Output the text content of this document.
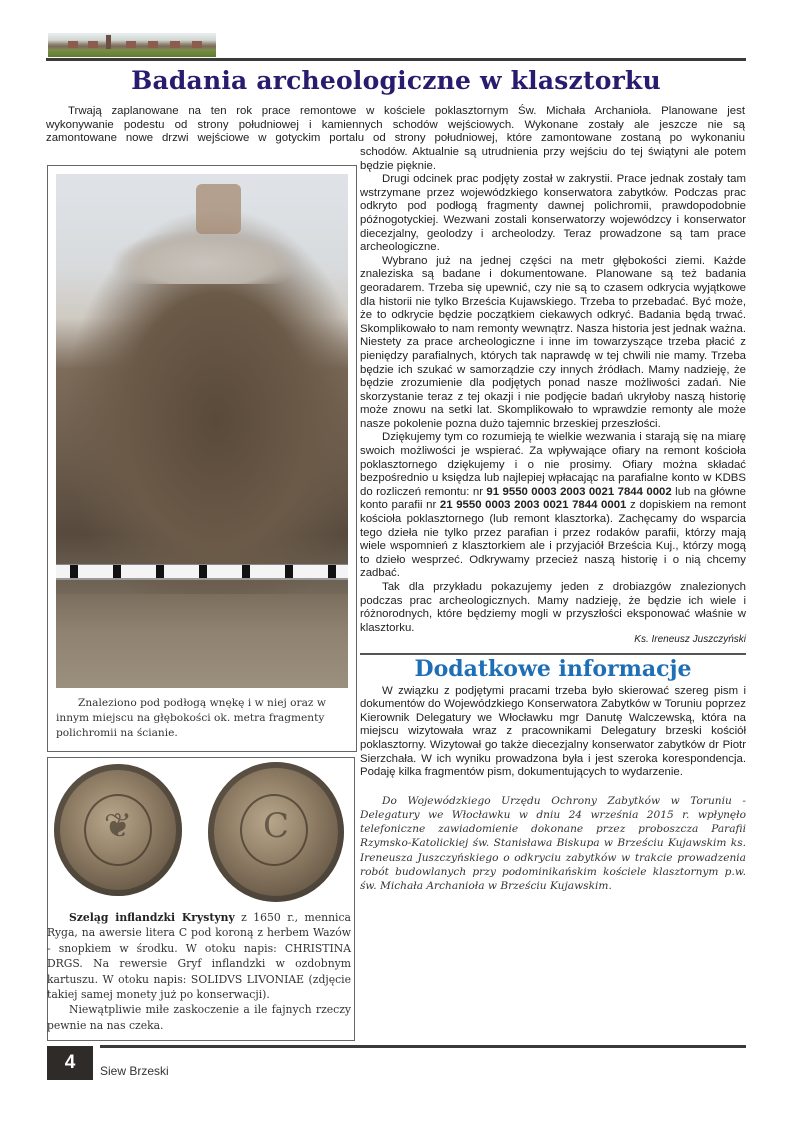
Badania archeologiczne w klasztorku
Trwają zaplanowane na ten rok prace remontowe w kościele poklasztornym Św. Michała Archanioła. Planowane jest
wykonywanie podestu od strony południowej i kamiennych schodów wejściowych. Wykonane zostały ale jeszcze nie są
zamontowane nowe drzwi wejściowe w gotyckim portalu od strony południowej, które zamontowane zostaną po wykonaniu
Znaleziono pod podłogą wnękę i w niej oraz w
innym miejscu na głębokości ok. metra fragmenty
polichromii na ścianie.

schodów. Aktualnie są utrudnienia przy wejściu do tej świątyni ale potem będzie pięknie.

Drugi odcinek prac podjęty został w zakrystii. Prace jednak zostały tam wstrzymane przez wojewódzkiego konserwatora zabytków. Podczas prac odkryto pod podłogą fragmenty dawnej polichromii, prawdopodobnie późnogotyckiej. Wezwani zostali konserwatorzy wojewódzcy i konserwator diecezjalny, geolodzy i archeolodzy. Teraz prowadzone są tam prace archeologiczne.

Wybrano już na jednej części na metr głębokości ziemi. Każde znaleziska są badane i dokumentowane. Planowane są też badania georadarem. Trzeba się upewnić, czy nie są to czasem odkrycia wyjątkowe dla historii nie tylko Brześcia Kujawskiego. Trzeba to przebadać. Być może, że to odkrycie będzie początkiem ciekawych odkryć. Badania będą trwać. Skomplikowało to nam remonty wewnątrz. Nasza historia jest jednak ważna. Niestety za prace archeologiczne i inne im towarzyszące trzeba płacić z pieniędzy parafialnych, których tak naprawdę w tej chwili nie mamy. Trzeba będzie ich szukać w samorządzie czy innych źródłach. Mamy nadzieję, że będzie zrozumienie dla podjętych ponad nasze możliwości zadań. Nie skorzystanie teraz z tej okazji i nie podjęcie badań ukryłoby naszą historię może znowu na setki lat. Skomplikowało to wprawdzie remonty ale może nasze pokolenie pozna dużo tajemnic brzeskiej przeszłości.

Dziękujemy tym co rozumieją te wielkie wezwania i starają się na miarę swoich możliwości je wspierać. Za wpływające ofiary na remont kościoła poklasztornego dziękujemy i o nie prosimy. Ofiary można składać bezpośrednio u księdza lub najlepiej wpłacając na parafialne konto w KDBS do rozliczeń remontu: nr 91 9550 0003 2003 0021 7844 0002 lub na główne konto parafii nr 21 9550 0003 2003 0021 7844 0001 z dopiskiem na remont kościoła poklasztornego (lub remont klasztorka). Zachęcamy do wsparcia tego dzieła nie tylko przez parafian i przez rodaków parafii, którzy mają wiele wspomnień z klasztorkiem ale i przyjaciół Brześcia Kuj., którzy mogą to dzieło wesprzeć. Odkrywamy przecież naszą historię i o nią chcemy zadbać.

Tak dla przykładu pokazujemy jeden z drobiazgów znalezionych podczas prac archeologicznych. Mamy nadzieję, że będzie ich wiele i różnorodnych, które będziemy mogli w przyszłości eksponować właśnie w klasztorku.

Ks. Ireneusz Juszczyński
Dodatkowe informacje

W związku z podjętymi pracami trzeba było skierować szereg pism i dokumentów do Wojewódzkiego Konserwatora Zabytków w Toruniu poprzez Kierownik Delegatury we Włocławku mgr Danutę Walczewską, która na miejscu wizytowała wraz z pracownikami Delegatury brzeski kościół poklasztorny. Wizytował go także diecezjalny konserwator zabytków dr Piotr Sierzchała. W ich wyniku prowadzona była i jest szeroka korespondencja. Podaję kilka fragmentów pism, dokumentujących to wydarzenie.

Do Wojewódzkiego Urzędu Ochrony Zabytków w Toruniu - Delegatury we Włocławku w dniu 24 września 2015 r. wpłynęło telefoniczne zawiadomienie dokonane przez proboszcza Parafii Rzymsko-Katolickiej św. Stanisława Biskupa w Brześciu Kujawskim ks. Ireneusza Juszczyńskiego o odkryciu zabytków w trakcie prowadzenia robót budowlanych przy podominikańskim kościele klasztornym p.w. św. Michała Archanioła w Brześciu Kujawskim.

❦	C

Szeląg inflandzki Krystyny z 1650 r., mennica Ryga, na awersie litera C pod koroną z herbem Wazów - snopkiem w środku. W otoku napis: CHRISTINA DRGS. Na rewersie Gryf inflandzki w ozdobnym kartuszu. W otoku napis: SOLIDVS LIVONIAE (zdjęcie takiej samej monety już po konserwacji).

Niewątpliwie miłe zaskoczenie a ile fajnych rzeczy pewnie na nas czeka.

4	Siew Brzeski
